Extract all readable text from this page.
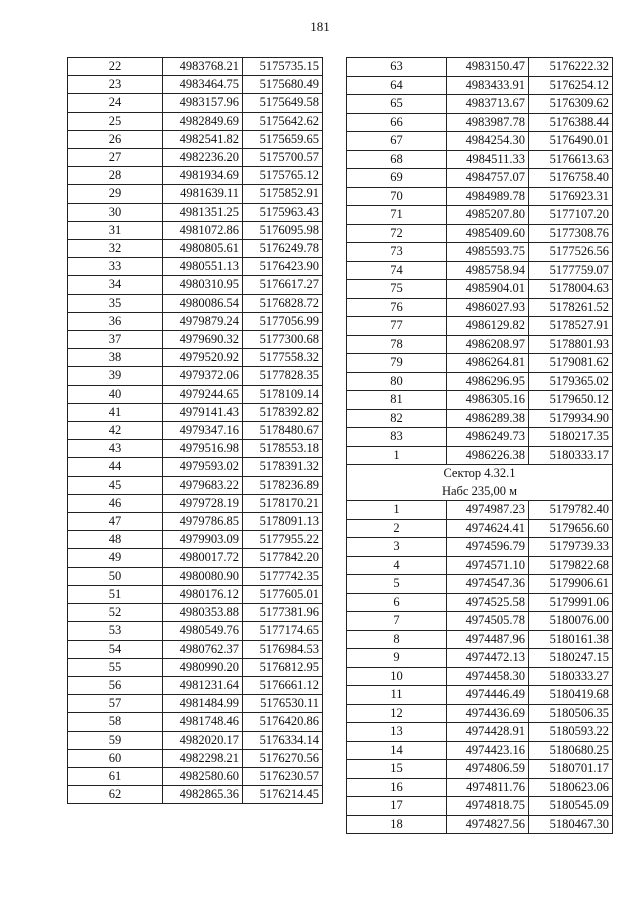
181
22	4983768.21	5175735.15
23	4983464.75	5175680.49
24	4983157.96	5175649.58
25	4982849.69	5175642.62
26	4982541.82	5175659.65
27	4982236.20	5175700.57
28	4981934.69	5175765.12
29	4981639.11	5175852.91
30	4981351.25	5175963.43
31	4981072.86	5176095.98
32	4980805.61	5176249.78
33	4980551.13	5176423.90
34	4980310.95	5176617.27
35	4980086.54	5176828.72
36	4979879.24	5177056.99
37	4979690.32	5177300.68
38	4979520.92	5177558.32
39	4979372.06	5177828.35
40	4979244.65	5178109.14
41	4979141.43	5178392.82
42	4979347.16	5178480.67
43	4979516.98	5178553.18
44	4979593.02	5178391.32
45	4979683.22	5178236.89
46	4979728.19	5178170.21
47	4979786.85	5178091.13
48	4979903.09	5177955.22
49	4980017.72	5177842.20
50	4980080.90	5177742.35
51	4980176.12	5177605.01
52	4980353.88	5177381.96
53	4980549.76	5177174.65
54	4980762.37	5176984.53
55	4980990.20	5176812.95
56	4981231.64	5176661.12
57	4981484.99	5176530.11
58	4981748.46	5176420.86
59	4982020.17	5176334.14
60	4982298.21	5176270.56
61	4982580.60	5176230.57
62	4982865.36	5176214.45
63	4983150.47	5176222.32
64	4983433.91	5176254.12
65	4983713.67	5176309.62
66	4983987.78	5176388.44
67	4984254.30	5176490.01
68	4984511.33	5176613.63
69	4984757.07	5176758.40
70	4984989.78	5176923.31
71	4985207.80	5177107.20
72	4985409.60	5177308.76
73	4985593.75	5177526.56
74	4985758.94	5177759.07
75	4985904.01	5178004.63
76	4986027.93	5178261.52
77	4986129.82	5178527.91
78	4986208.97	5178801.93
79	4986264.81	5179081.62
80	4986296.95	5179365.02
81	4986305.16	5179650.12
82	4986289.38	5179934.90
83	4986249.73	5180217.35
1	4986226.38	5180333.17

Сектор 4.32.1
Набс 235,00 м		

1	4974987.23	5179782.40
2	4974624.41	5179656.60
3	4974596.79	5179739.33
4	4974571.10	5179822.68
5	4974547.36	5179906.61
6	4974525.58	5179991.06
7	4974505.78	5180076.00
8	4974487.96	5180161.38
9	4974472.13	5180247.15
10	4974458.30	5180333.27
11	4974446.49	5180419.68
12	4974436.69	5180506.35
13	4974428.91	5180593.22
14	4974423.16	5180680.25
15	4974806.59	5180701.17
16	4974811.76	5180623.06
17	4974818.75	5180545.09
18	4974827.56	5180467.30
